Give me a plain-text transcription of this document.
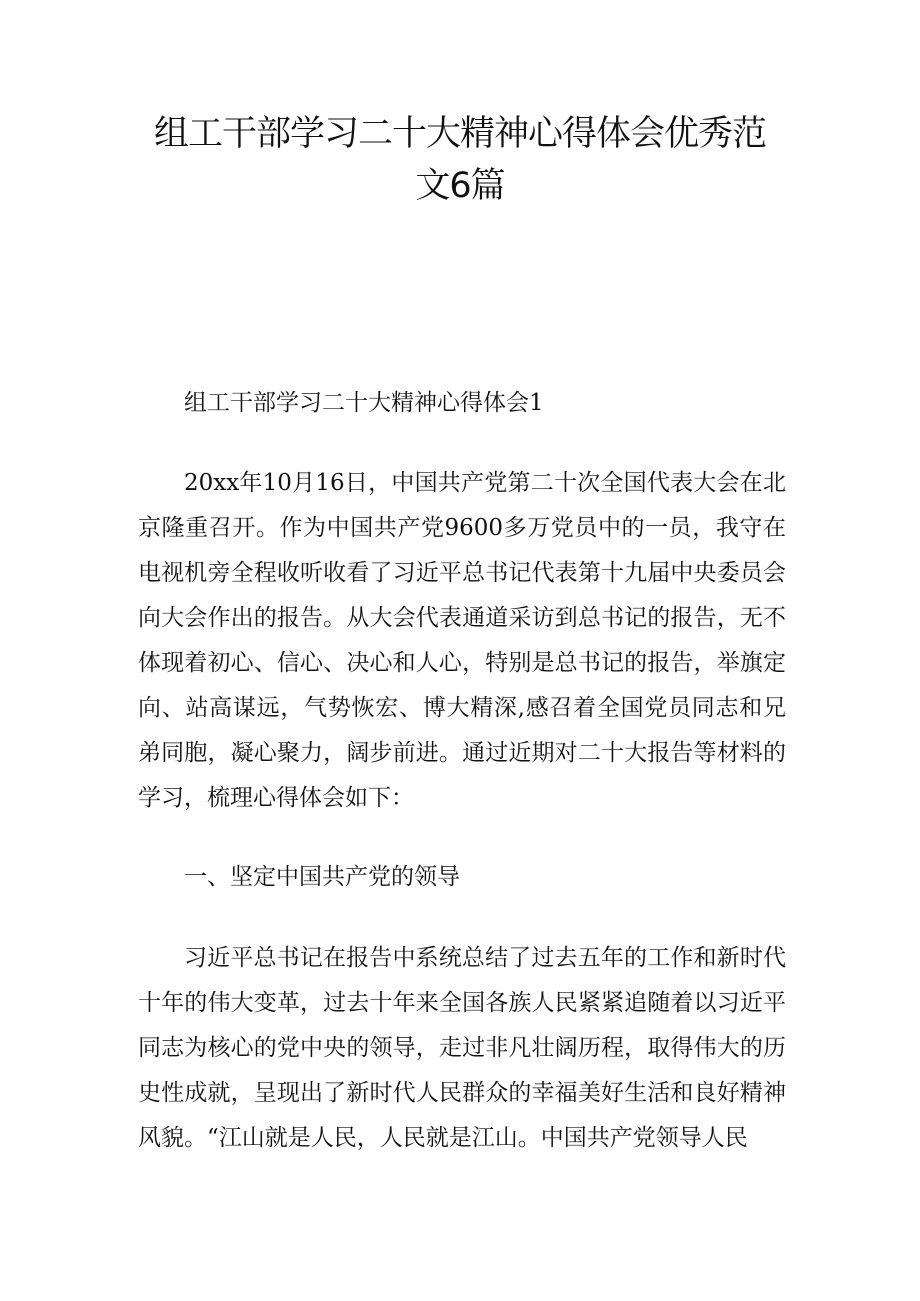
组工干部学习二十大精神心得体会优秀范
文6篇

组工干部学习二十大精神心得体会1

20xx年10月16日，中国共产党第二十次全国代表大会在北京隆重召开。作为中国共产党9600多万党员中的一员，我守在电视机旁全程收听收看了习近平总书记代表第十九届中央委员会向大会作出的报告。从大会代表通道采访到总书记的报告，无不体现着初心、信心、决心和人心，特别是总书记的报告，举旗定向、站高谋远，气势恢宏、博大精深,感召着全国党员同志和兄弟同胞，凝心聚力，阔步前进。通过近期对二十大报告等材料的学习，梳理心得体会如下：

一、坚定中国共产党的领导

习近平总书记在报告中系统总结了过去五年的工作和新时代十年的伟大变革，过去十年来全国各族人民紧紧追随着以习近平同志为核心的党中央的领导，走过非凡壮阔历程，取得伟大的历史性成就，呈现出了新时代人民群众的幸福美好生活和良好精神风貌。“江山就是人民，人民就是江山。中国共产党领导人民
